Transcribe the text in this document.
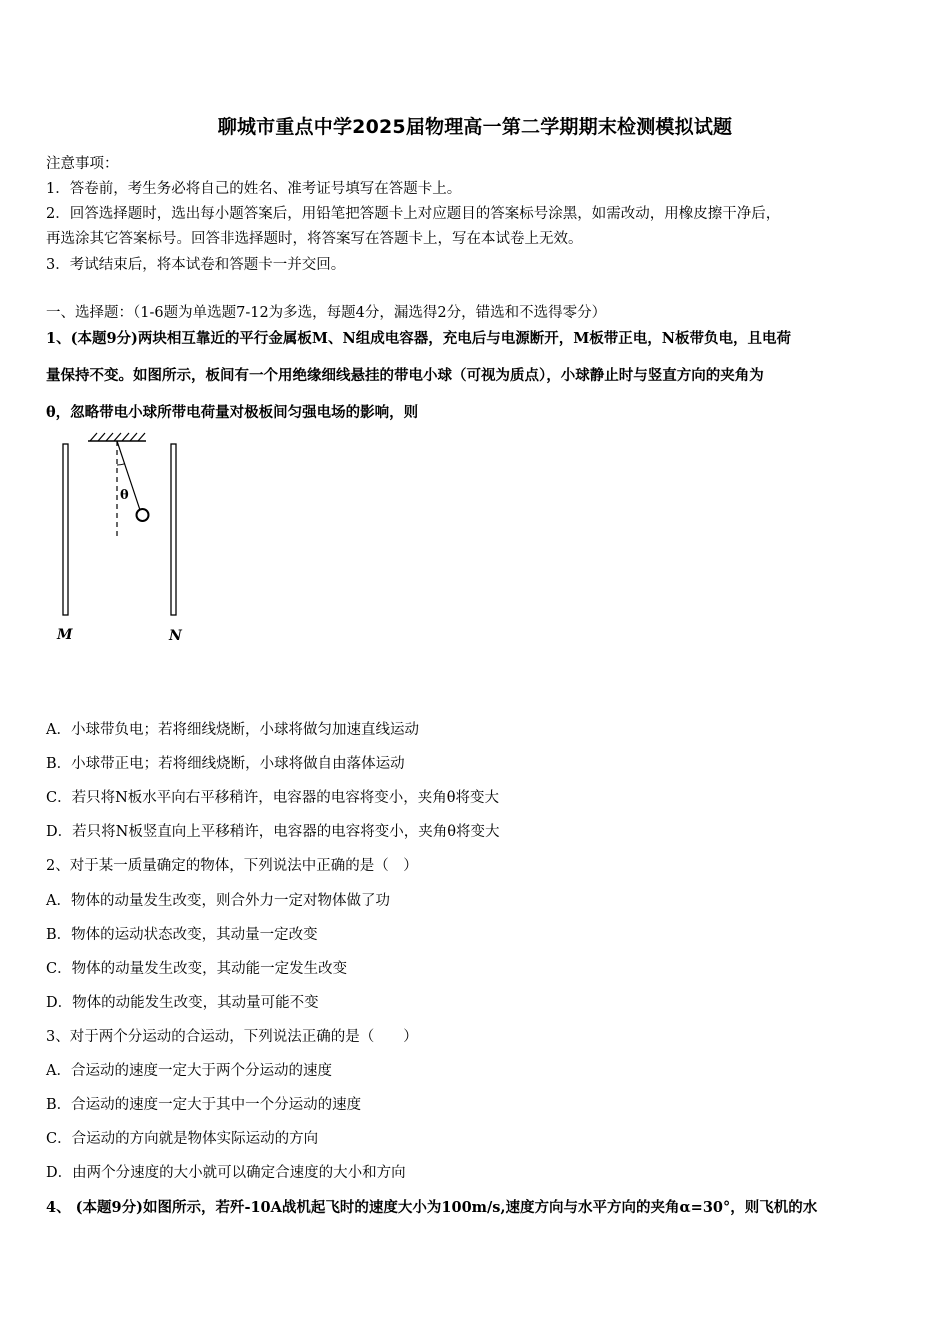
聊城市重点中学2025届物理高一第二学期期末检测模拟试题
注意事项：
1．答卷前，考生务必将自己的姓名、准考证号填写在答题卡上。
2．回答选择题时，选出每小题答案后，用铅笔把答题卡上对应题目的答案标号涂黑，如需改动，用橡皮擦干净后，
再选涂其它答案标号。回答非选择题时，将答案写在答题卡上，写在本试卷上无效。
3．考试结束后，将本试卷和答题卡一并交回。
一、选择题：（1-6题为单选题7-12为多选，每题4分，漏选得2分，错选和不选得零分）
1、(本题9分)两块相互靠近的平行金属板M、N组成电容器，充电后与电源断开，M板带正电，N板带负电，且电荷
量保持不变。如图所示，板间有一个用绝缘细线悬挂的带电小球（可视为质点），小球静止时与竖直方向的夹角为
θ，忽略带电小球所带电荷量对极板间匀强电场的影响，则
θ
M	N
A．小球带负电；若将细线烧断，小球将做匀加速直线运动
B．小球带正电；若将细线烧断，小球将做自由落体运动
C．若只将N板水平向右平移稍许，电容器的电容将变小，夹角θ将变大
D．若只将N板竖直向上平移稍许，电容器的电容将变小，夹角θ将变大
2、对于某一质量确定的物体，下列说法中正确的是（　）
A．物体的动量发生改变，则合外力一定对物体做了功
B．物体的运动状态改变，其动量一定改变
C．物体的动量发生改变，其动能一定发生改变
D．物体的动能发生改变，其动量可能不变
3、对于两个分运动的合运动，下列说法正确的是（　　）
A．合运动的速度一定大于两个分运动的速度
B．合运动的速度一定大于其中一个分运动的速度
C．合运动的方向就是物体实际运动的方向
D．由两个分速度的大小就可以确定合速度的大小和方向
4、 (本题9分)如图所示，若歼-10A战机起飞时的速度大小为100m/s,速度方向与水平方向的夹角α=30°，则飞机的水
